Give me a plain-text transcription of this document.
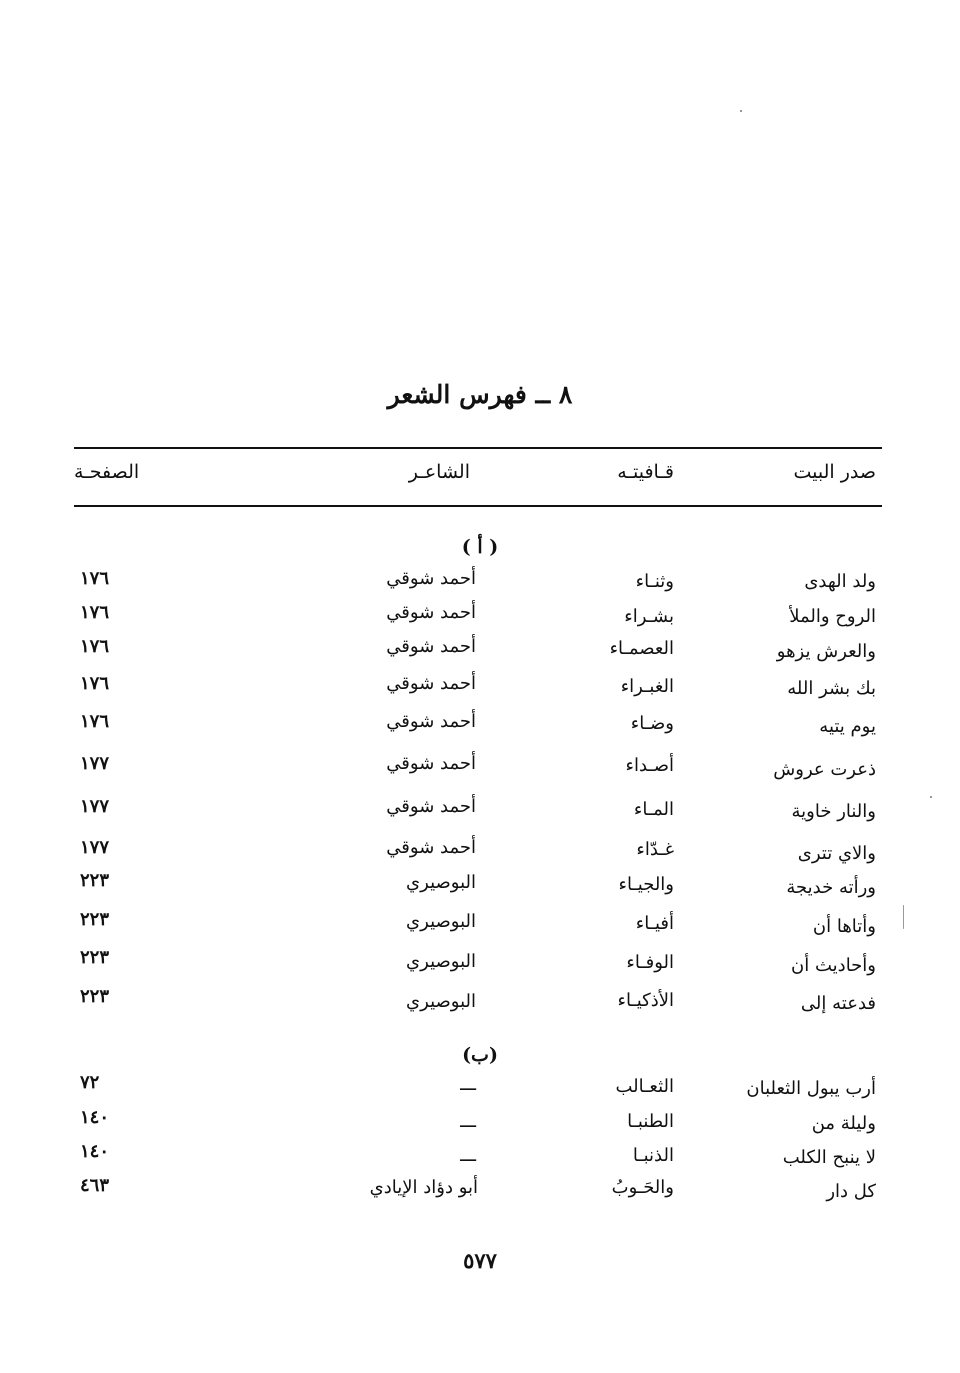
٨ ــ فهرس الشعر
صدر البيت
قـافيتـه
الشاعـر
الصفحـة
( أ )
ولد الهدى
وثنـاء
أحمد شوقي
١٧٦
الروح والملأ
بشـراء
أحمد شوقي
١٧٦
والعرش يزهو
العصمـاء
أحمد شوقي
١٧٦
بك بشر الله
الغبـراء
أحمد شوقي
١٧٦
يوم يتيه
وضـاء
أحمد شوقي
١٧٦
ذعرت عروش
أصـداء
أحمد شوقي
١٧٧
والنار خاوية
المـاء
أحمد شوقي
١٧٧
والاي تترى
غـدّاء
أحمد شوقي
١٧٧
ورأته خديجة
والجيـاء
البوصيري
٢٢٣
وأتاها أن
أفيـاء
البوصيري
٢٢٣
وأحاديث أن
الوفـاء
البوصيري
٢٢٣
فدعته إلى
الأذكيـاء
البوصيري
٢٢٣
(ب)
أرب يبول الثعلبان
الثعـالب
ـــ
٧٢
وليلة من
الطنبـا
ـــ
١٤٠
لا ينبح الكلب
الذنبـا
ـــ
١٤٠
كل دار
والحَـوبُ
أبو دؤاد الإيادي
٤٦٣
٥٧٧
